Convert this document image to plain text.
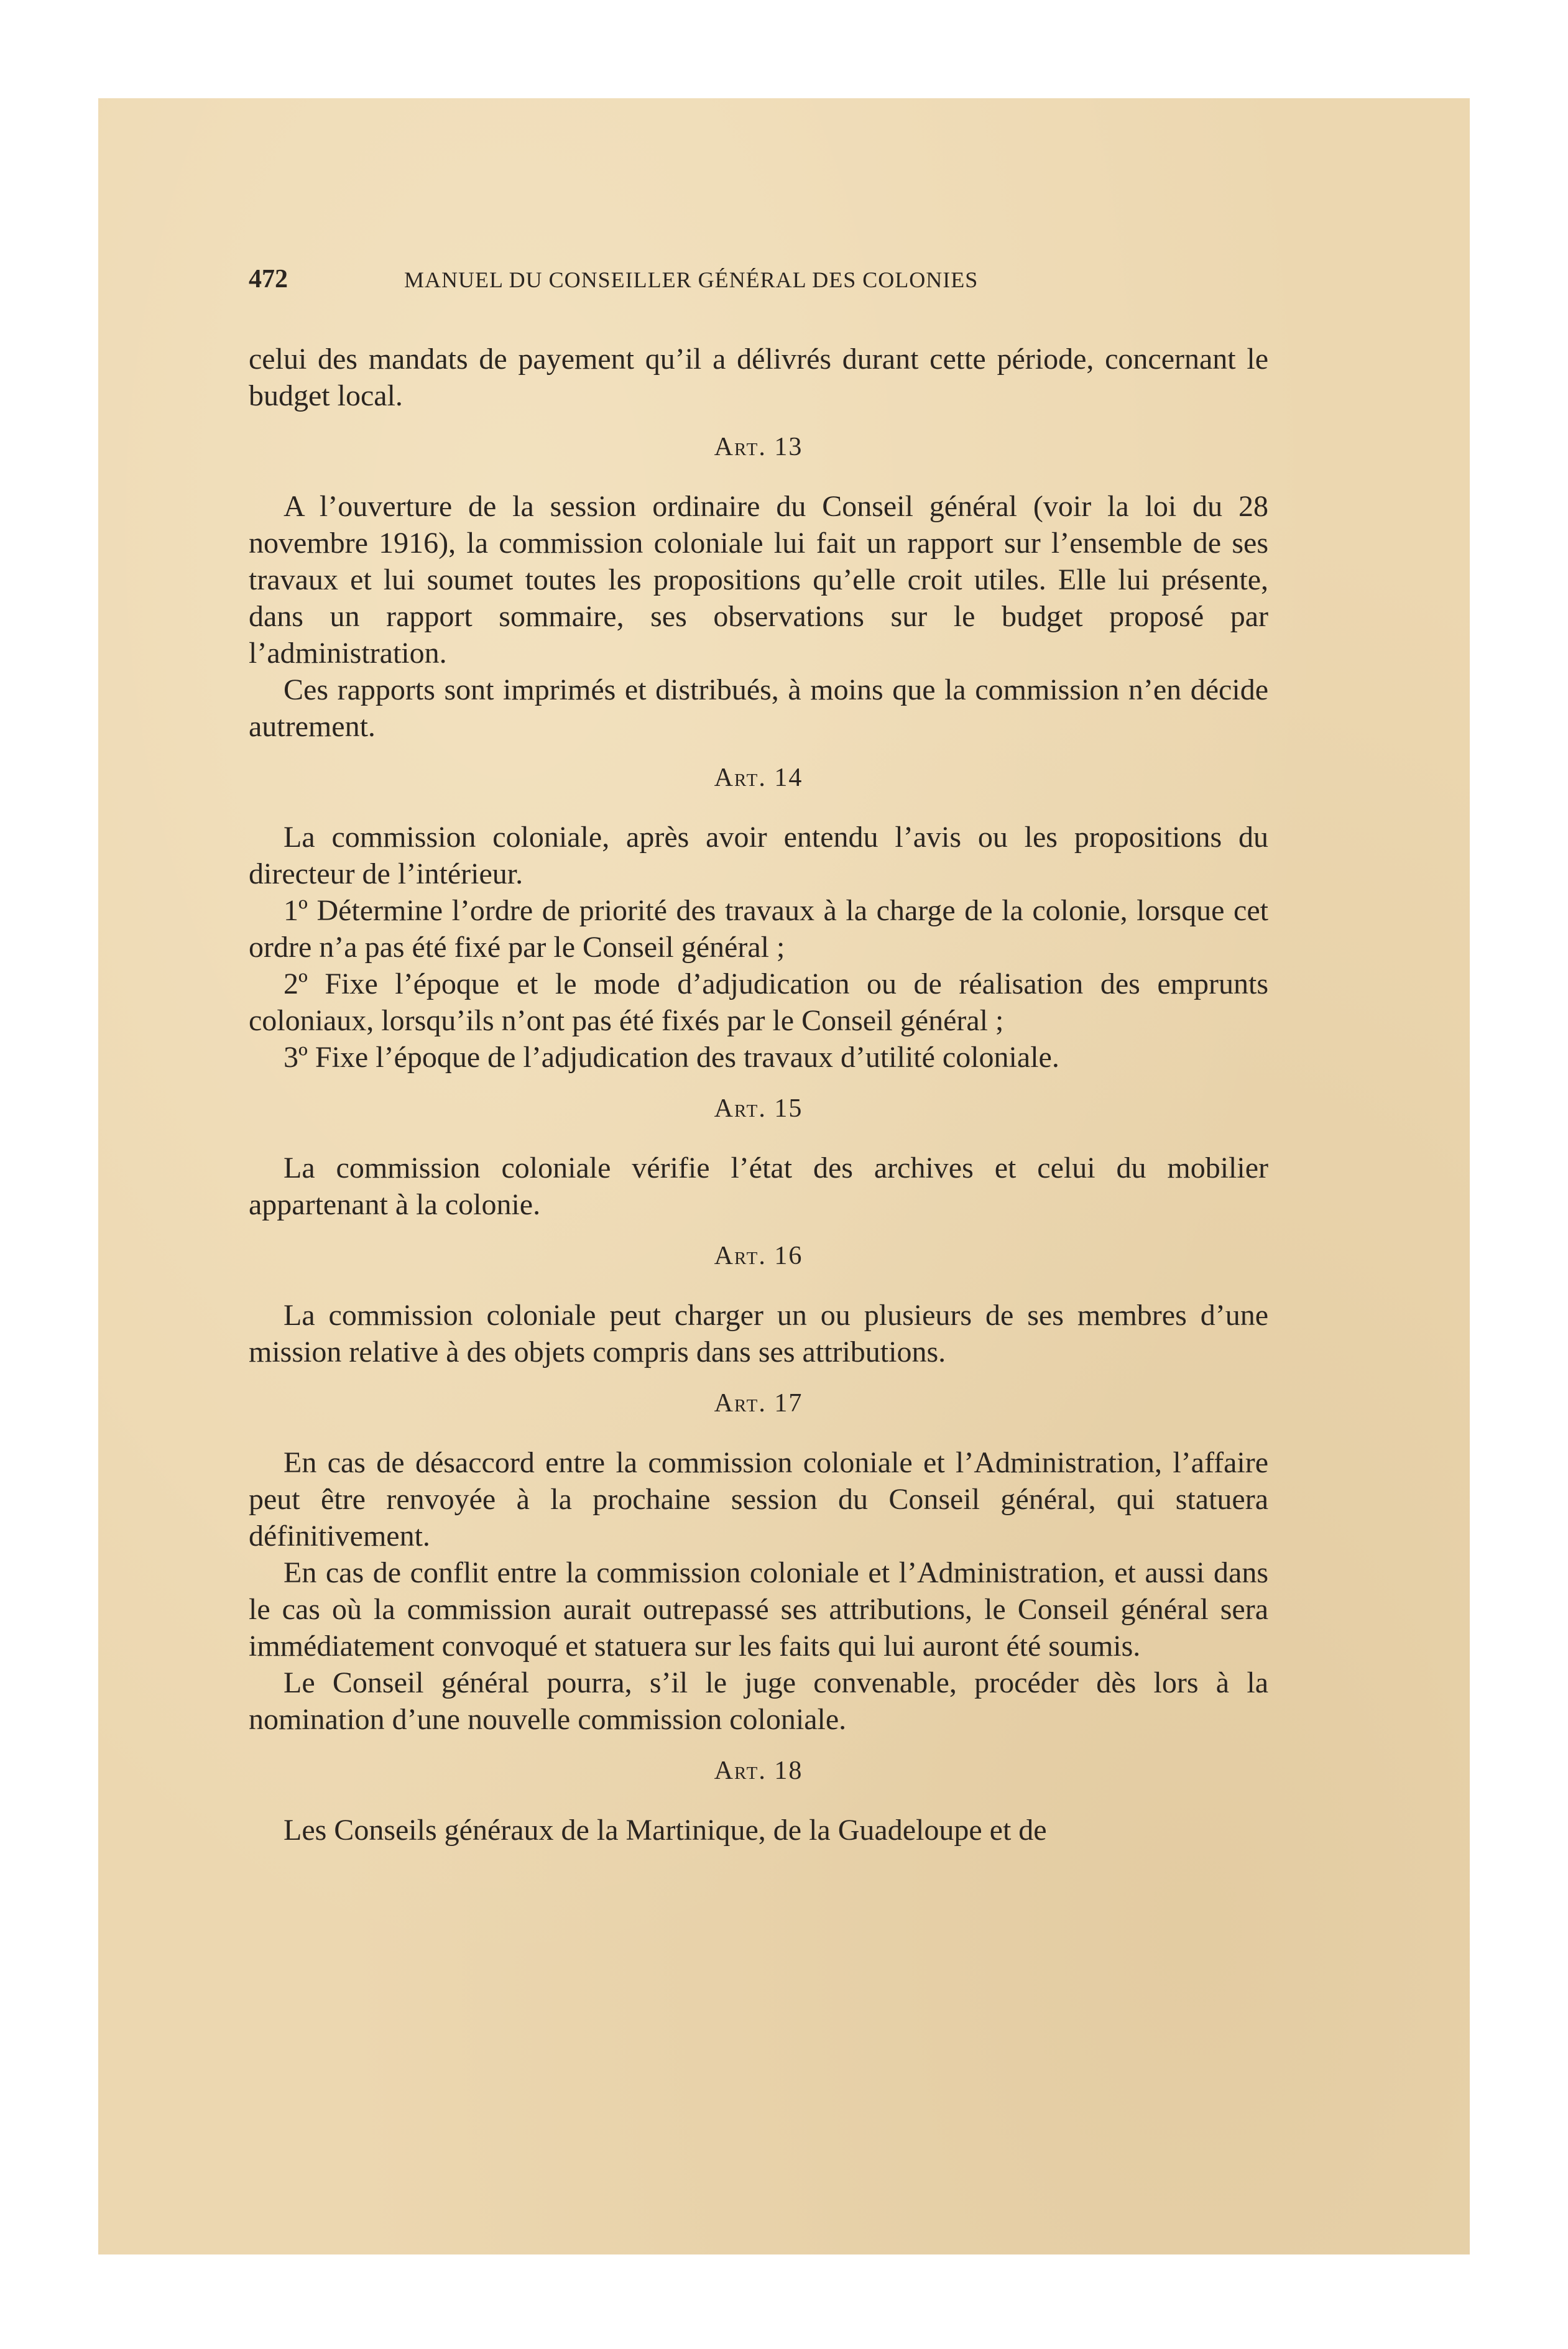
472	MANUEL DU CONSEILLER GÉNÉRAL DES COLONIES

celui des mandats de payement qu’il a délivrés durant cette période, concernant le budget local.

Art. 13

A l’ouverture de la session ordinaire du Conseil général (voir la loi du 28 novembre 1916), la commission coloniale lui fait un rapport sur l’ensemble de ses travaux et lui soumet toutes les propositions qu’elle croit utiles. Elle lui présente, dans un rapport sommaire, ses observations sur le budget proposé par l’administration.

Ces rapports sont imprimés et distribués, à moins que la commission n’en décide autrement.

Art. 14

La commission coloniale, après avoir entendu l’avis ou les propositions du directeur de l’intérieur.

1º Détermine l’ordre de priorité des travaux à la charge de la colonie, lorsque cet ordre n’a pas été fixé par le Conseil général ;

2º Fixe l’époque et le mode d’adjudication ou de réalisation des emprunts coloniaux, lorsqu’ils n’ont pas été fixés par le Conseil général ;

3º Fixe l’époque de l’adjudication des travaux d’utilité coloniale.

Art. 15

La commission coloniale vérifie l’état des archives et celui du mobilier appartenant à la colonie.

Art. 16

La commission coloniale peut charger un ou plusieurs de ses membres d’une mission relative à des objets compris dans ses attributions.

Art. 17

En cas de désaccord entre la commission coloniale et l’Administration, l’affaire peut être renvoyée à la prochaine session du Conseil général, qui statuera définitivement.

En cas de conflit entre la commission coloniale et l’Administration, et aussi dans le cas où la commission aurait outrepassé ses attributions, le Conseil général sera immédiatement convoqué et statuera sur les faits qui lui auront été soumis.

Le Conseil général pourra, s’il le juge convenable, procéder dès lors à la nomination d’une nouvelle commission coloniale.

Art. 18

Les Conseils généraux de la Martinique, de la Guadeloupe et de
